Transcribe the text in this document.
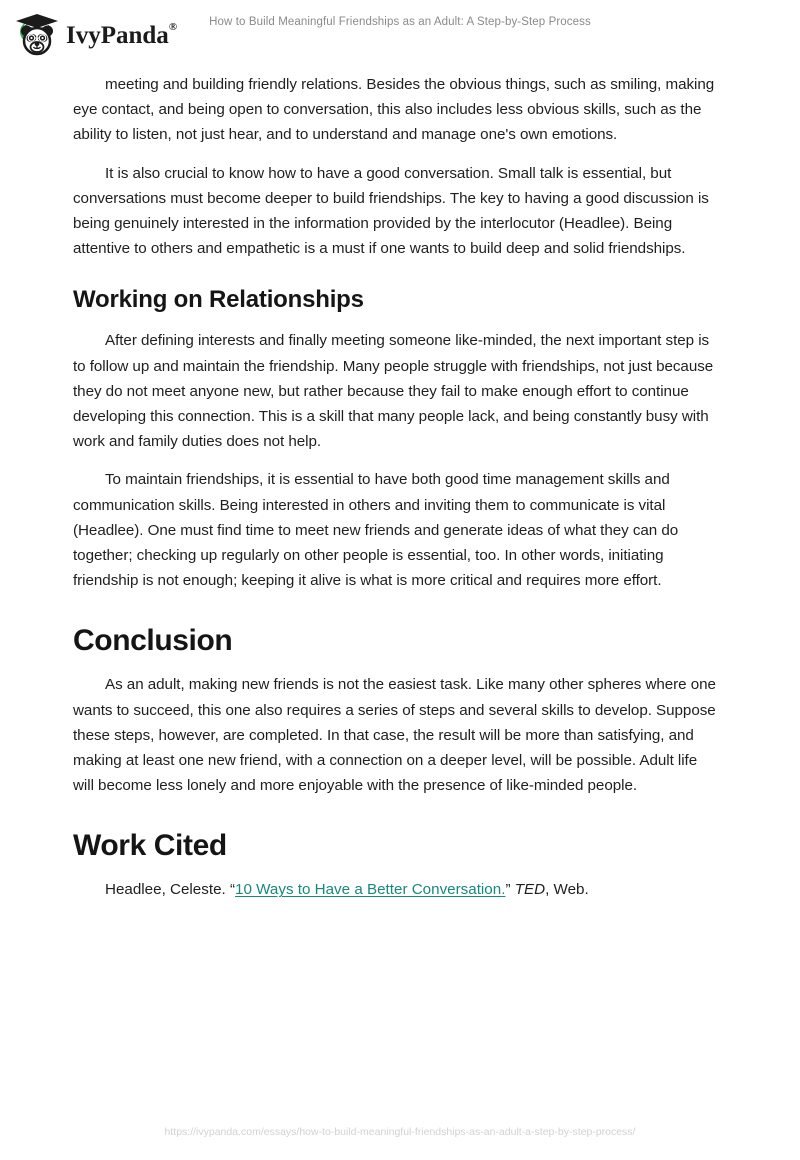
IvyPanda®	How to Build Meaningful Friendships as an Adult: A Step-by-Step Process

meeting and building friendly relations. Besides the obvious things, such as smiling, making eye contact, and being open to conversation, this also includes less obvious skills, such as the ability to listen, not just hear, and to understand and manage one's own emotions.

It is also crucial to know how to have a good conversation. Small talk is essential, but conversations must become deeper to build friendships. The key to having a good discussion is being genuinely interested in the information provided by the interlocutor (Headlee). Being attentive to others and empathetic is a must if one wants to build deep and solid friendships.

Working on Relationships

After defining interests and finally meeting someone like-minded, the next important step is to follow up and maintain the friendship. Many people struggle with friendships, not just because they do not meet anyone new, but rather because they fail to make enough effort to continue developing this connection. This is a skill that many people lack, and being constantly busy with work and family duties does not help.

To maintain friendships, it is essential to have both good time management skills and communication skills. Being interested in others and inviting them to communicate is vital (Headlee). One must find time to meet new friends and generate ideas of what they can do together; checking up regularly on other people is essential, too. In other words, initiating friendship is not enough; keeping it alive is what is more critical and requires more effort.

Conclusion

As an adult, making new friends is not the easiest task. Like many other spheres where one wants to succeed, this one also requires a series of steps and several skills to develop. Suppose these steps, however, are completed. In that case, the result will be more than satisfying, and making at least one new friend, with a connection on a deeper level, will be possible. Adult life will become less lonely and more enjoyable with the presence of like-minded people.

Work Cited

Headlee, Celeste. “10 Ways to Have a Better Conversation.” TED, Web.

https://ivypanda.com/essays/how-to-build-meaningful-friendships-as-an-adult-a-step-by-step-process/
